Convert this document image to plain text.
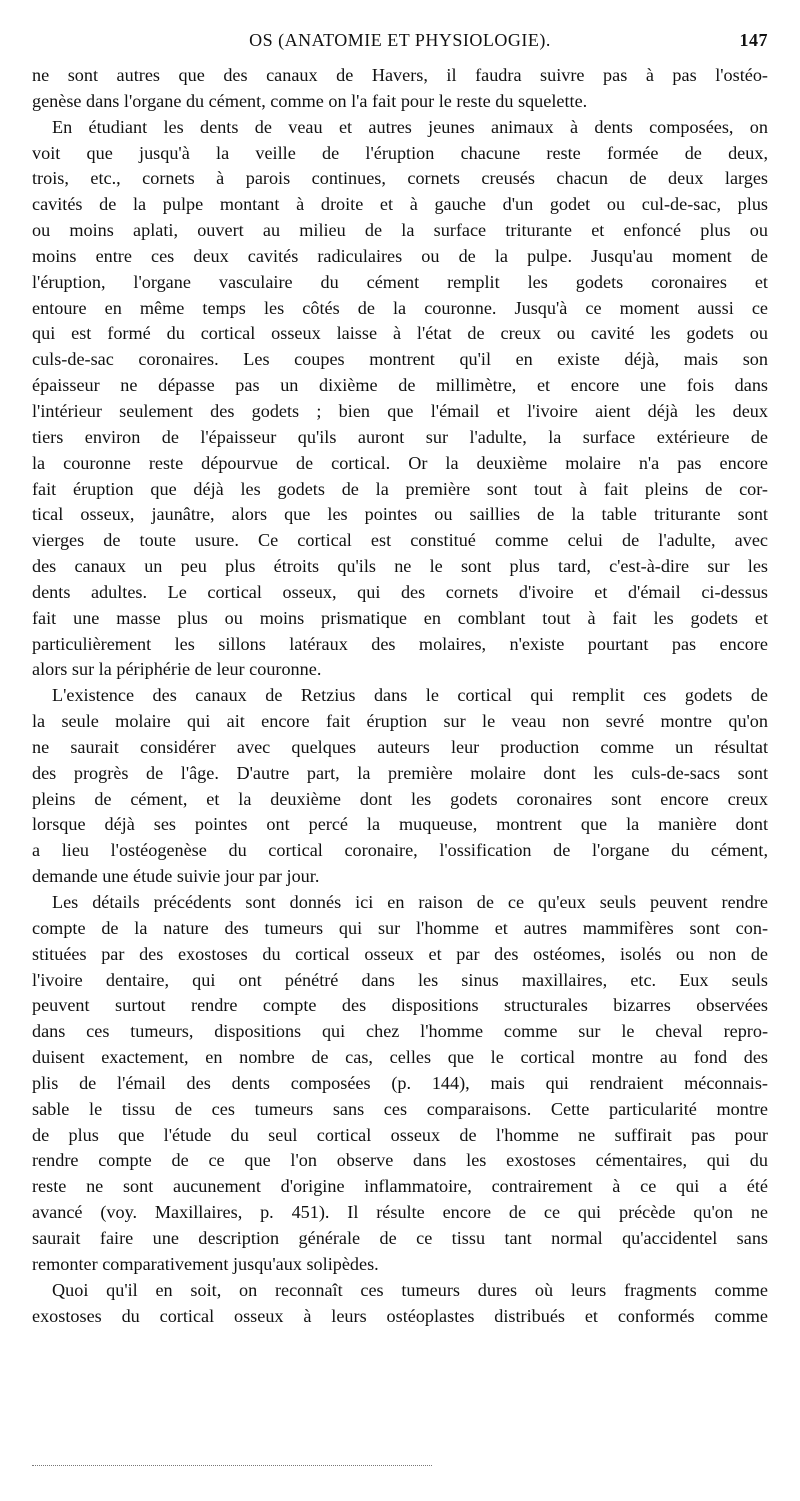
OS (ANATOMIE ET PHYSIOLOGIE).	147

ne sont autres que des canaux de Havers, il faudra suivre pas à pas l'ostéo-
genèse dans l'organe du cément, comme on l'a fait pour le reste du squelette.

En étudiant les dents de veau et autres jeunes animaux à dents composées, on
voit que jusqu'à la veille de l'éruption chacune reste formée de deux,
trois, etc., cornets à parois continues, cornets creusés chacun de deux larges
cavités de la pulpe montant à droite et à gauche d'un godet ou cul-de-sac, plus
ou moins aplati, ouvert au milieu de la surface triturante et enfoncé plus ou
moins entre ces deux cavités radiculaires ou de la pulpe. Jusqu'au moment de
l'éruption, l'organe vasculaire du cément remplit les godets coronaires et
entoure en même temps les côtés de la couronne. Jusqu'à ce moment aussi ce
qui est formé du cortical osseux laisse à l'état de creux ou cavité les godets ou
culs-de-sac coronaires. Les coupes montrent qu'il en existe déjà, mais son
épaisseur ne dépasse pas un dixième de millimètre, et encore une fois dans
l'intérieur seulement des godets ; bien que l'émail et l'ivoire aient déjà les deux
tiers environ de l'épaisseur qu'ils auront sur l'adulte, la surface extérieure de
la couronne reste dépourvue de cortical. Or la deuxième molaire n'a pas encore
fait éruption que déjà les godets de la première sont tout à fait pleins de cor-
tical osseux, jaunâtre, alors que les pointes ou saillies de la table triturante sont
vierges de toute usure. Ce cortical est constitué comme celui de l'adulte, avec
des canaux un peu plus étroits qu'ils ne le sont plus tard, c'est-à-dire sur les
dents adultes. Le cortical osseux, qui des cornets d'ivoire et d'émail ci-dessus
fait une masse plus ou moins prismatique en comblant tout à fait les godets et
particulièrement les sillons latéraux des molaires, n'existe pourtant pas encore
alors sur la périphérie de leur couronne.

L'existence des canaux de Retzius dans le cortical qui remplit ces godets de
la seule molaire qui ait encore fait éruption sur le veau non sevré montre qu'on
ne saurait considérer avec quelques auteurs leur production comme un résultat
des progrès de l'âge. D'autre part, la première molaire dont les culs-de-sacs sont
pleins de cément, et la deuxième dont les godets coronaires sont encore creux
lorsque déjà ses pointes ont percé la muqueuse, montrent que la manière dont
a lieu l'ostéogenèse du cortical coronaire, l'ossification de l'organe du cément,
demande une étude suivie jour par jour.

Les détails précédents sont donnés ici en raison de ce qu'eux seuls peuvent rendre
compte de la nature des tumeurs qui sur l'homme et autres mammifères sont con-
stituées par des exostoses du cortical osseux et par des ostéomes, isolés ou non de
l'ivoire dentaire, qui ont pénétré dans les sinus maxillaires, etc. Eux seuls
peuvent surtout rendre compte des dispositions structurales bizarres observées
dans ces tumeurs, dispositions qui chez l'homme comme sur le cheval repro-
duisent exactement, en nombre de cas, celles que le cortical montre au fond des
plis de l'émail des dents composées (p. 144), mais qui rendraient méconnais-
sable le tissu de ces tumeurs sans ces comparaisons. Cette particularité montre
de plus que l'étude du seul cortical osseux de l'homme ne suffirait pas pour
rendre compte de ce que l'on observe dans les exostoses cémentaires, qui du
reste ne sont aucunement d'origine inflammatoire, contrairement à ce qui a été
avancé (voy. Maxillaires, p. 451). Il résulte encore de ce qui précède qu'on ne
saurait faire une description générale de ce tissu tant normal qu'accidentel sans
remonter comparativement jusqu'aux solipèdes.

Quoi qu'il en soit, on reconnaît ces tumeurs dures où leurs fragments comme
exostoses du cortical osseux à leurs ostéoplastes distribués et conformés comme
